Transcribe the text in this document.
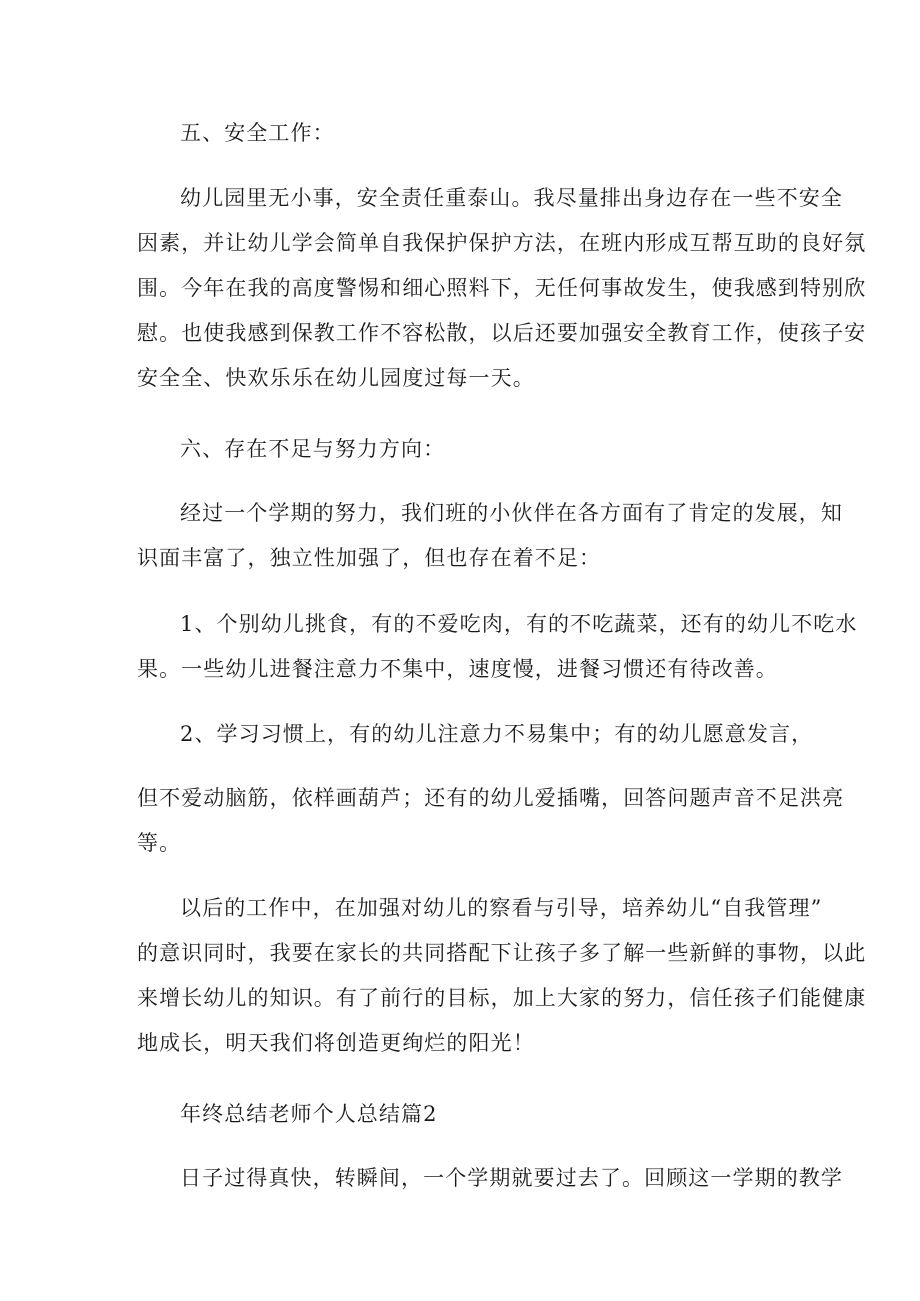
五、安全工作：
幼儿园里无小事，安全责任重泰山。我尽量排出身边存在一些不安全
因素，并让幼儿学会简单自我保护保护方法，在班内形成互帮互助的良好氛
围。今年在我的高度警惕和细心照料下，无任何事故发生，使我感到特别欣
慰。也使我感到保教工作不容松散，以后还要加强安全教育工作，使孩子安
安全全、快欢乐乐在幼儿园度过每一天。
六、存在不足与努力方向：
经过一个学期的努力，我们班的小伙伴在各方面有了肯定的发展，知
识面丰富了，独立性加强了，但也存在着不足：
1、个别幼儿挑食，有的不爱吃肉，有的不吃蔬菜，还有的幼儿不吃水
果。一些幼儿进餐注意力不集中，速度慢，进餐习惯还有待改善。
2、学习习惯上，有的幼儿注意力不易集中；有的幼儿愿意发言，
但不爱动脑筋，依样画葫芦；还有的幼儿爱插嘴，回答问题声音不足洪亮
等。
以后的工作中，在加强对幼儿的察看与引导，培养幼儿“自我管理”
的意识同时，我要在家长的共同搭配下让孩子多了解一些新鲜的事物，以此
来增长幼儿的知识。有了前行的目标，加上大家的努力，信任孩子们能健康
地成长，明天我们将创造更绚烂的阳光！
年终总结老师个人总结篇2
日子过得真快，转瞬间，一个学期就要过去了。回顾这一学期的教学
